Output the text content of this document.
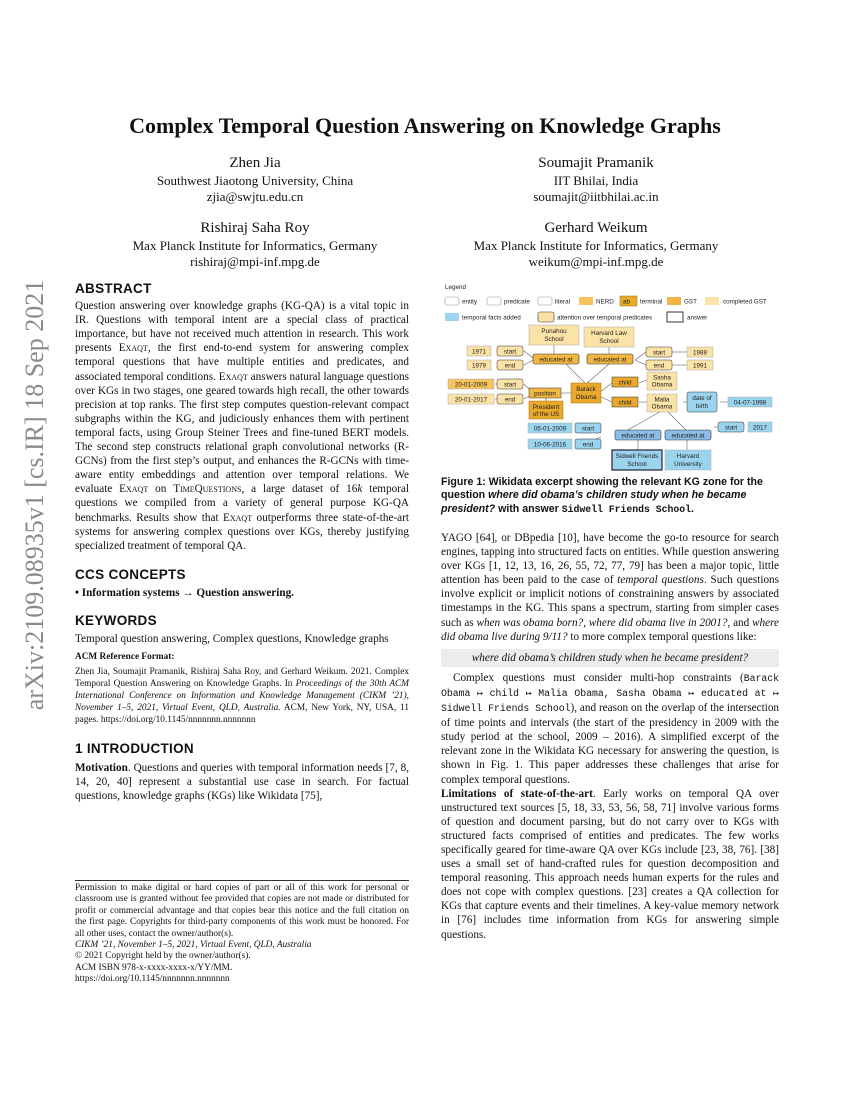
arXiv:2109.08935v1 [cs.IR] 18 Sep 2021
Complex Temporal Question Answering on Knowledge Graphs
Zhen Jia
Southwest Jiaotong University, China
zjia@swjtu.edu.cn
Soumajit Pramanik
IIT Bhilai, India
soumajit@iitbhilai.ac.in
Rishiraj Saha Roy
Max Planck Institute for Informatics, Germany
rishiraj@mpi-inf.mpg.de
Gerhard Weikum
Max Planck Institute for Informatics, Germany
weikum@mpi-inf.mpg.de
ABSTRACT

Question answering over knowledge graphs (KG-QA) is a vital topic in IR. Questions with temporal intent are a special class of practical importance, but have not received much attention in research. This work presents Exaqt, the first end-to-end system for answering complex temporal questions that have multiple entities and predicates, and associated temporal conditions. Exaqt answers natural language questions over KGs in two stages, one geared towards high recall, the other towards precision at top ranks. The first step computes question-relevant compact subgraphs within the KG, and judiciously enhances them with pertinent temporal facts, using Group Steiner Trees and fine-tuned BERT models. The second step constructs relational graph convolutional networks (R-GCNs) from the first step’s output, and enhances the R-GCNs with time-aware entity embeddings and attention over temporal relations. We evaluate Exaqt on TimeQuestions, a large dataset of 16k temporal questions we compiled from a variety of general purpose KG-QA benchmarks. Results show that Exaqt outperforms three state-of-the-art systems for answering complex questions over KGs, thereby justifying specialized treatment of temporal QA.

CCS CONCEPTS

• Information systems → Question answering.

KEYWORDS

Temporal question answering, Complex questions, Knowledge graphs

ACM Reference Format:

Zhen Jia, Soumajit Pramanik, Rishiraj Saha Roy, and Gerhard Weikum. 2021. Complex Temporal Question Answering on Knowledge Graphs. In Proceedings of the 30th ACM International Conference on Information and Knowledge Management (CIKM ’21), November 1–5, 2021, Virtual Event, QLD, Australia. ACM, New York, NY, USA, 11 pages. https://doi.org/10.1145/nnnnnnn.nnnnnnn

1 INTRODUCTION

Motivation. Questions and queries with temporal information needs [7, 8, 14, 20, 40] represent a substantial use case in search. For factual questions, knowledge graphs (KGs) like Wikidata [75],

Permission to make digital or hard copies of part or all of this work for personal or classroom use is granted without fee provided that copies are not made or distributed for profit or commercial advantage and that copies bear this notice and the full citation on the first page. Copyrights for third-party components of this work must be honored. For all other uses, contact the owner/author(s).

CIKM ’21, November 1–5, 2021, Virtual Event, QLD, Australia

© 2021 Copyright held by the owner/author(s).

ACM ISBN 978-x-xxxx-xxxx-x/YY/MM.

https://doi.org/10.1145/nnnnnnn.nnnnnnn

Legend
entity	predicate	literal	NERD ab terminal	GST	completed GST
temporal facts added	attention over temporal predicates	answer
Punahou
School
Harvard Law
School
1971
1979
start
end
educated at	educated at
start
end
1988
1991
20-01-2009
20-01-2017
start
end
position
President
of the US
Barack
Obama
child
child
Sasha
Obama
Malia
Obama
date of
birth	04-07-1998
05-01-2009
10-06-2016
start
end
educated at	educated at
start	2017
Sidwell Friends
School
Harvard
University
Figure 1: Wikidata excerpt showing the relevant KG zone for the question where did obama’s children study when he became president? with answer Sidwell Friends School.

YAGO [64], or DBpedia [10], have become the go-to resource for search engines, tapping into structured facts on entities. While question answering over KGs [1, 12, 13, 16, 26, 55, 72, 77, 79] has been a major topic, little attention has been paid to the case of temporal questions. Such questions involve explicit or implicit notions of constraining answers by associated timestamps in the KG. This spans a spectrum, starting from simpler cases such as when was obama born?, where did obama live in 2001?, and where did obama live during 9/11? to more complex temporal questions like:

where did obama’s children study when he became president?

Complex questions must consider multi-hop constraints (Barack Obama ↦ child ↦ Malia Obama, Sasha Obama ↦ educated at ↦ Sidwell Friends School), and reason on the overlap of the intersection of time points and intervals (the start of the presidency in 2009 with the study period at the school, 2009 – 2016). A simplified excerpt of the relevant zone in the Wikidata KG necessary for answering the question, is shown in Fig. 1. This paper addresses these challenges that arise for complex temporal questions.

Limitations of state-of-the-art. Early works on temporal QA over unstructured text sources [5, 18, 33, 53, 56, 58, 71] involve various forms of question and document parsing, but do not carry over to KGs with structured facts comprised of entities and predicates. The few works specifically geared for time-aware QA over KGs include [23, 38, 76]. [38] uses a small set of hand-crafted rules for question decomposition and temporal reasoning. This approach needs human experts for the rules and does not cope with complex questions. [23] creates a QA collection for KGs that capture events and their timelines. A key-value memory network in [76] includes time information from KGs for answering simple questions.
